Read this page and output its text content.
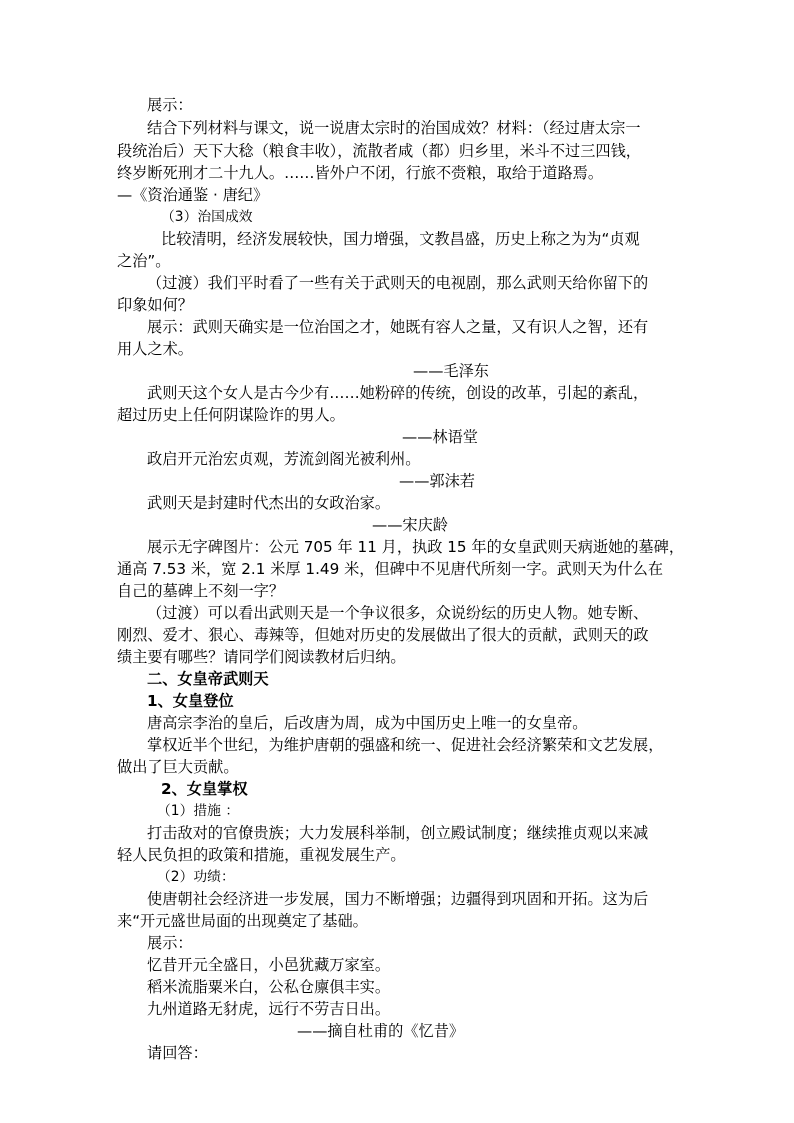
展示：
结合下列材料与课文，说一说唐太宗时的治国成效？材料：（经过唐太宗一
段统治后）天下大稔（粮食丰收），流散者咸（都）归乡里，米斗不过三四钱，
终岁断死刑才二十九人。……皆外户不闭，行旅不赍粮，取给于道路焉。
—《资治通鉴 · 唐纪》
（3）治国成效
比较清明，经济发展较快，国力增强，文教昌盛，历史上称之为为“贞观
之治”。
（过渡）我们平时看了一些有关于武则天的电视剧，那么武则天给你留下的
印象如何？
展示：武则天确实是一位治国之才，她既有容人之量，又有识人之智，还有
用人之术。
——毛泽东
武则天这个女人是古今少有……她粉碎的传统，创设的改革，引起的紊乱，
超过历史上任何阴谋险诈的男人。
——林语堂
政启开元治宏贞观，芳流剑阁光被利州。
——郭沫若
武则天是封建时代杰出的女政治家。
——宋庆龄
展示无字碑图片：公元 705 年 11 月，执政 15 年的女皇武则天病逝她的墓碑，
通高 7.53 米，宽 2.1 米厚 1.49 米，但碑中不见唐代所刻一字。武则天为什么在
自己的墓碑上不刻一字？
（过渡）可以看出武则天是一个争议很多，众说纷纭的历史人物。她专断、
刚烈、爱才、狠心、毒辣等，但她对历史的发展做出了很大的贡献，武则天的政
绩主要有哪些？请同学们阅读教材后归纳。
二、女皇帝武则天
1、女皇登位
唐高宗李治的皇后，后改唐为周，成为中国历史上唯一的女皇帝。
掌权近半个世纪，为维护唐朝的强盛和统一、促进社会经济繁荣和文艺发展，
做出了巨大贡献。
2、女皇掌权
（1）措施 ：
打击敌对的官僚贵族；大力发展科举制，创立殿试制度；继续推贞观以来减
轻人民负担的政策和措施，重视发展生产。
（2）功绩：
使唐朝社会经济进一步发展，国力不断增强；边疆得到巩固和开拓。这为后
来“开元盛世局面的出现奠定了基础。
展示：
忆昔开元全盛日，小邑犹藏万家室。
稻米流脂粟米白，公私仓廪俱丰实。
九州道路无豺虎，远行不劳吉日出。
——摘自杜甫的《忆昔》
请回答：
